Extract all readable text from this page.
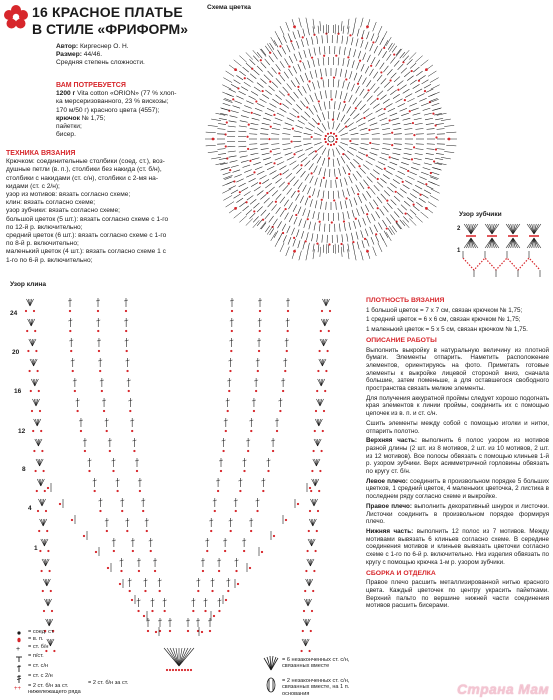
16 КРАСНОЕ ПЛАТЬЕ
В СТИЛЕ «ФРИФОРМ»
Автор: Киргеснер О. Н.
Размер: 44/46.
Средняя степень сложности.
ВАМ ПОТРЕБУЕТСЯ
1200 г Vita cotton «ORION» (77 % хлоп-
ка мерсеризованного, 23 % вискозы;
170 м/50 г) красного цвета (4557);
крючок № 1,75;
пайетки;
бисер.
ТЕХНИКА ВЯЗАНИЯ
Крючком: соединительные столбики (соед. ст.), воз-
душные петли (в. п.), столбики без накида (ст. б/н),
столбики с накидами (ст. с/н), столбики с 2-мя на-
кидами (ст. с 2/н);
узор из мотивов: вязать согласно схеме;
клин: вязать согласно схеме;
узор зубчики: вязать согласно схеме;
большой цветок (5 шт.): вязать согласно схеме с 1-го
по 12-й р. включительно;
средний цветок (6 шт.): вязать согласно схеме с 1-го
по 8-й р. включительно;
маленький цветок (4 шт.): вязать согласно схеме 1 с
1-го по 6-й р. включительно;
Схема цветка
Узор зубчики
2
1
Узор клина
24
20
16
12
8
4
1
+
++
= соед. ст.
= в. п.
= ст. б/н
= п/ст.
= ст. с/н
= ст. с 2/н
= 2 ст. б/н за ст.
= 2 ст. б/н за ст. нижележащего ряда
= 6 незаконченных ст. с/н, связанных вместе
= 2 незаконченных ст. с/н, связанных вместе, на 1 п. основания
ПЛОТНОСТЬ ВЯЗАНИЯ

1 большой цветок = 7 х 7 см, связан крючком № 1,75;

1 средний цветок = 6 х 6 см, связан крючком № 1,75;

1 маленький цветок = 5 х 5 см, связан крючком № 1,75.

ОПИСАНИЕ РАБОТЫ

Выполнить выкройку в натуральную величину из плотной бумаги. Элементы отпарить. Наметить расположение элементов, ориентируясь на фото. Приметать готовые элементы к выкройке лицевой стороной вниз, сначала большие, затем поменьше, а для оставшегося свободного пространства связать мелкие элементы.

Для получения аккуратной проймы следует хорошо подогнать края элементов к линии проймы, соединить их с помощью цепочек из в. п. и ст. с/н.

Сшить элементы между собой с помощью иголки и нитки, отпарить полотно.

Верхняя часть: выполнить 6 полос узором из мотивов разной длины (2 шт. из 8 мотивов, 2 шт. из 10 мотивов, 2 шт. из 12 мотивов). Все полосы обвязать с помощью клиньев 1-й р. узором зубчики. Верх асимметричной горловины обвязать по кругу ст. б/н.

Левое плечо: соединить в произвольном порядке 5 больших цветков, 1 средний цветок, 4 маленьких цветочка, 2 листика в последнем ряду согласно схеме и выкройке.

Правое плечо: выполнить декоративный шнурок и листочки. Листочки соединить в произвольном порядке формируя плечо.

Нижняя часть: выполнить 12 полос из 7 мотивов. Между мотивами вывязать 6 клиньев согласно схеме. В середине соединения мотивов и клиньев вывязать цветочки согласно схеме с 1-го по 6-й р. включительно. Низ изделия обвязать по кругу с помощью крючка 1-м р. узором зубчики.

СБОРКА И ОТДЕЛКА

Правое плечо расшить металлизированной нитью красного цвета. Каждый цветочек по центру украсить пайетками. Верхний пальто по вершине нижней части соединения мотивов расшить бисерами.

Страна Мам
